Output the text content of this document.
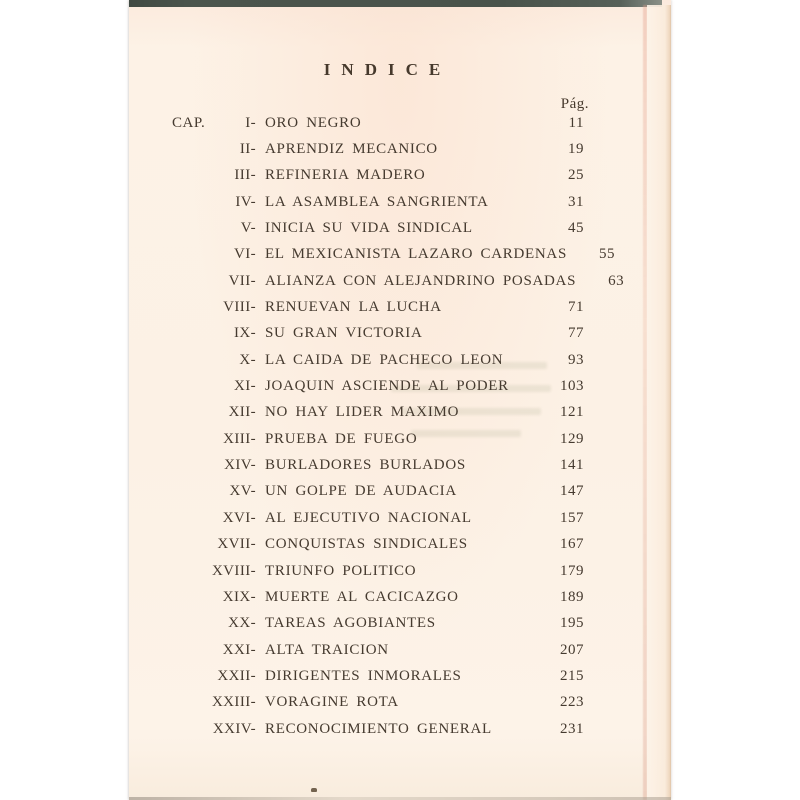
INDICE
Pág.
CAP.	I- ORO NEGRO	11
II- APRENDIZ MECANICO	19
III- REFINERIA MADERO	25
IV- LA ASAMBLEA SANGRIENTA	31
V- INICIA SU VIDA SINDICAL	45
VI- EL MEXICANISTA LAZARO CARDENAS	55
VII- ALIANZA CON ALEJANDRINO POSADAS	63
VIII- RENUEVAN LA LUCHA	71
IX- SU GRAN VICTORIA	77
X- LA CAIDA DE PACHECO LEON	93
XI- JOAQUIN ASCIENDE AL PODER	103
XII- NO HAY LIDER MAXIMO	121
XIII- PRUEBA DE FUEGO	129
XIV- BURLADORES BURLADOS	141
XV- UN GOLPE DE AUDACIA	147
XVI- AL EJECUTIVO NACIONAL	157
XVII- CONQUISTAS SINDICALES	167
XVIII- TRIUNFO POLITICO	179
XIX- MUERTE AL CACICAZGO	189
XX- TAREAS AGOBIANTES	195
XXI- ALTA TRAICION	207
XXII- DIRIGENTES INMORALES	215
XXIII- VORAGINE ROTA	223
XXIV- RECONOCIMIENTO GENERAL	231
